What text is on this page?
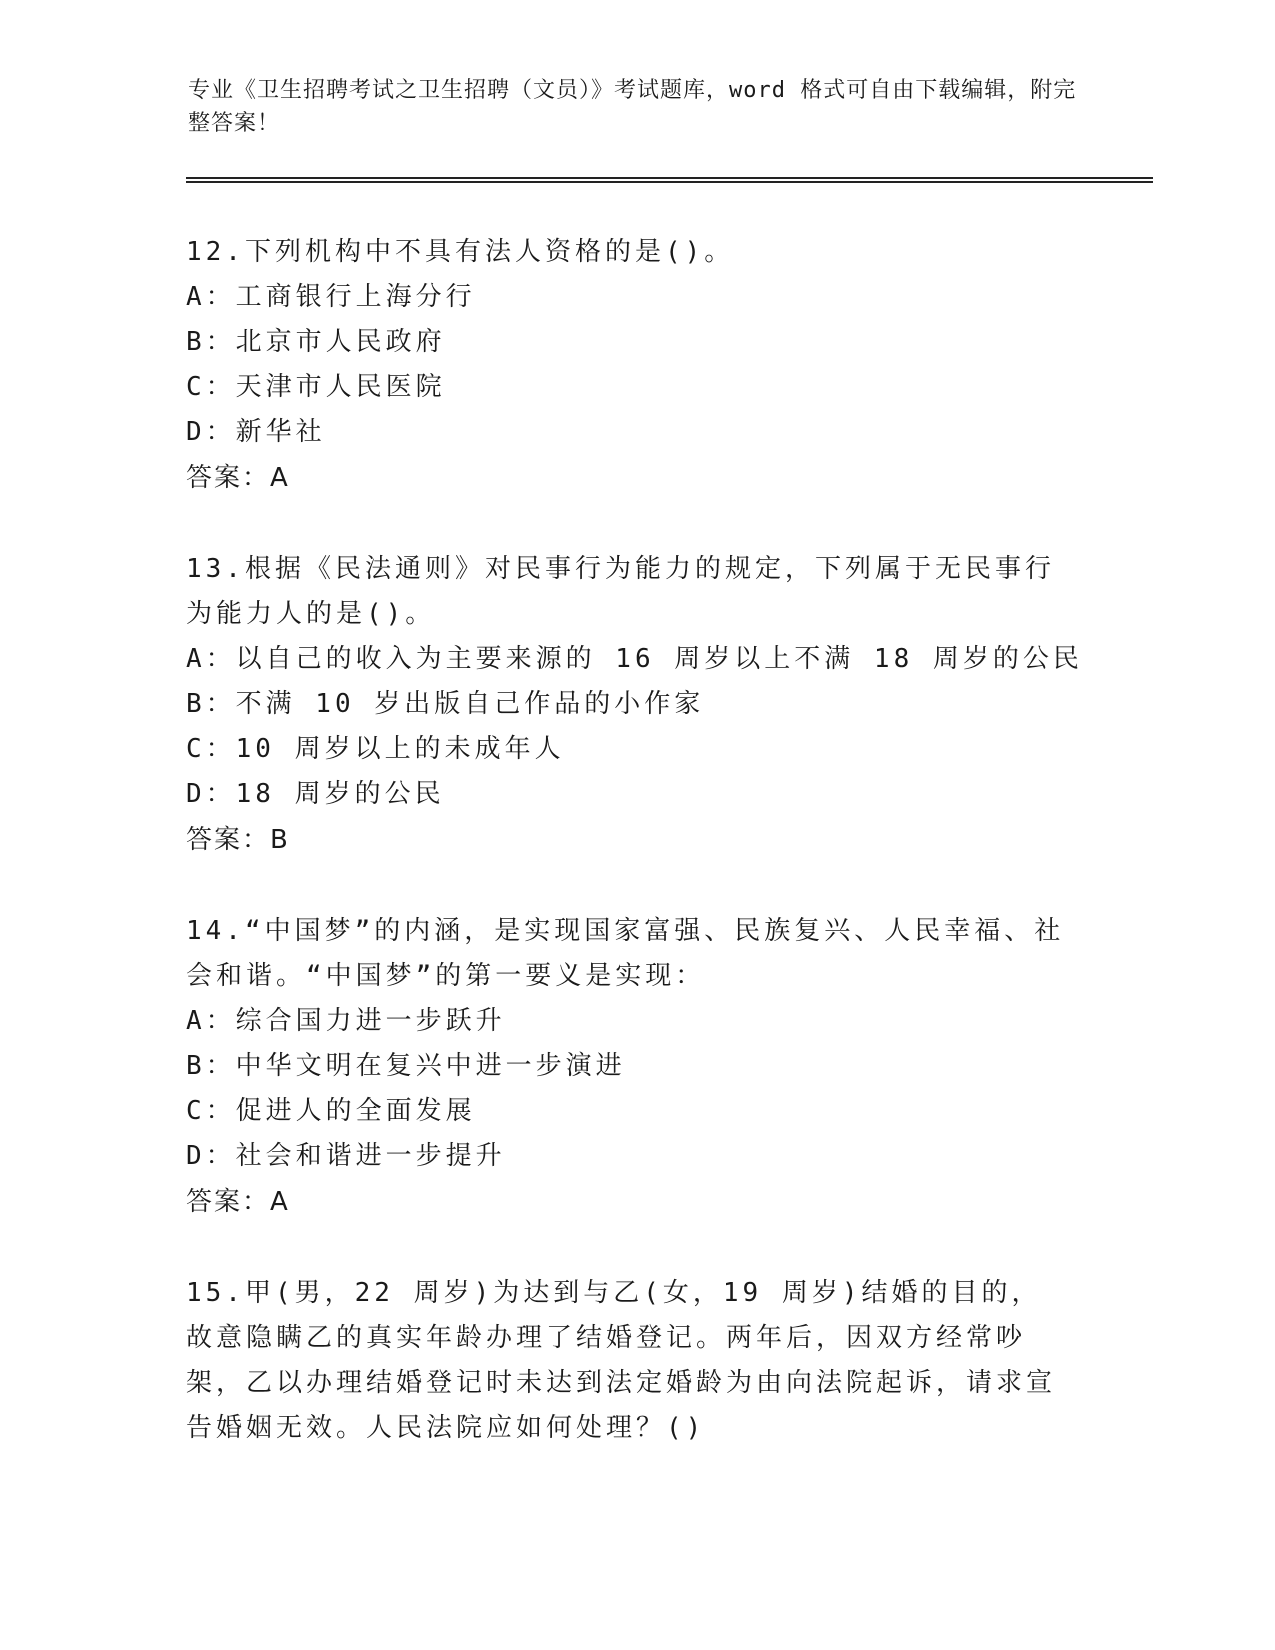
专业《卫生招聘考试之卫生招聘（文员）》考试题库，word 格式可自由下载编辑，附完整答案！
12.下列机构中不具有法人资格的是()。
A：工商银行上海分行
B：北京市人民政府
C：天津市人民医院
D：新华社
答案：A
13.根据《民法通则》对民事行为能力的规定，下列属于无民事行为能力人的是()。
A：以自己的收入为主要来源的 16 周岁以上不满 18 周岁的公民
B：不满 10 岁出版自己作品的小作家
C：10 周岁以上的未成年人
D：18 周岁的公民
答案：B
14.“中国梦”的内涵，是实现国家富强、民族复兴、人民幸福、社会和谐。“中国梦”的第一要义是实现：
A：综合国力进一步跃升
B：中华文明在复兴中进一步演进
C：促进人的全面发展
D：社会和谐进一步提升
答案：A
15.甲(男，22 周岁)为达到与乙(女，19 周岁)结婚的目的，故意隐瞒乙的真实年龄办理了结婚登记。两年后，因双方经常吵架，乙以办理结婚登记时未达到法定婚龄为由向法院起诉，请求宣告婚姻无效。人民法院应如何处理？()
